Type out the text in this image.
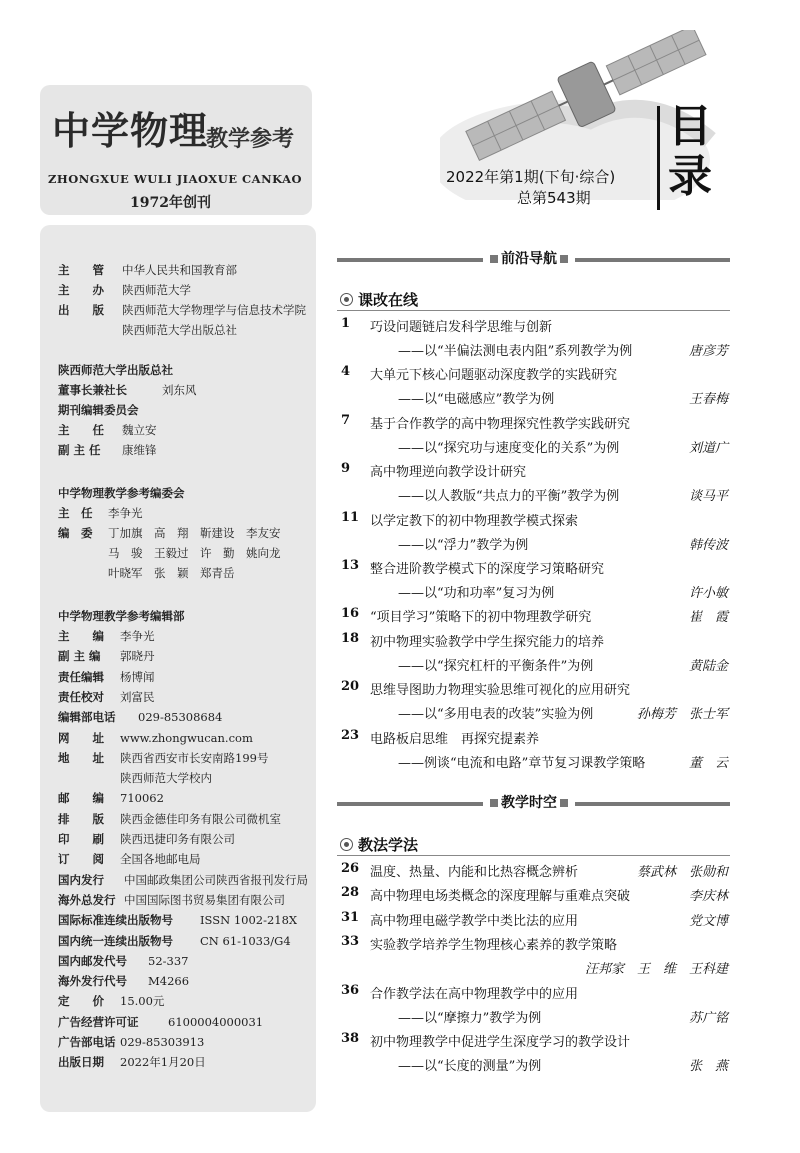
中学物理
教学参考
ZHONGXUE WULI JIAOXUE CANKAO
1972年创刊
2022年第1期(下旬·综合)
总第543期
目录
主　　管 中华人民共和国教育部
主　　办 陕西师范大学
出　　版 陕西师范大学物理学与信息技术学院
陕西师范大学出版总社
陕西师范大学出版总社
董事长兼社长	刘东风
期刊编辑委员会
主　　任 魏立安
副 主 任 康维锋
中学物理教学参考编委会
主　任 李争光
编　委 丁加旗　高　翔　靳建设　李友安
马　骏　王毅过　许　勤　姚向龙
叶晓军　张　颖　郑青岳
中学物理教学参考编辑部
主　　编 李争光
副 主 编 郭晓丹
责任编辑 杨博闻
责任校对 刘富民
编辑部电话 029-85308684
网　　址 www.zhongwucan.com
地　　址 陕西省西安市长安南路199号
陕西师范大学校内
邮　　编 710062
排　　版 陕西金德佳印务有限公司微机室
印　　刷 陕西迅捷印务有限公司
订　　阅 全国各地邮电局
国内发行 中国邮政集团公司陕西省报刊发行局
海外总发行 中国国际图书贸易集团有限公司
国际标准连续出版物号 ISSN 1002-218X
国内统一连续出版物号 CN 61-1033/G4
国内邮发代号 52-337
海外发行代号 M4266
定　　价 15.00元
广告经营许可证	6100004000031
广告部电话 029-85303913
出版日期 2022年1月20日
前沿导航
课改在线
1 巧设问题链启发科学思维与创新
——以“半偏法测电表内阻”系列教学为例	唐彦芳
4 大单元下核心问题驱动深度教学的实践研究
——以“电磁感应”教学为例	王春梅
7 基于合作教学的高中物理探究性教学实践研究
——以“探究功与速度变化的关系”为例	刘道广
9 高中物理逆向教学设计研究
——以人教版“共点力的平衡”教学为例	谈马平
11 以学定教下的初中物理教学模式探索
——以“浮力”教学为例	韩传波
13 整合进阶教学模式下的深度学习策略研究
——以“功和功率”复习为例	许小敏
16 “项目学习”策略下的初中物理教学研究	崔　霞
18 初中物理实验教学中学生探究能力的培养
——以“探究杠杆的平衡条件”为例	黄陆金
20 思维导图助力物理实验思维可视化的应用研究
——以“多用电表的改装”实验为例	孙梅芳　张士军
23 电路板启思维　再探究提素养
——例谈“电流和电路”章节复习课教学策略	董　云
教学时空
教法学法
26 温度、热量、内能和比热容概念辨析	蔡武林　张勋和
28 高中物理电场类概念的深度理解与重难点突破	李庆林
31 高中物理电磁学教学中类比法的应用	党文博
33 实验教学培养学生物理核心素养的教学策略
汪邦家　王　维　王科建
36 合作教学法在高中物理教学中的应用
——以“摩擦力”教学为例	苏广铭
38 初中物理教学中促进学生深度学习的教学设计
——以“长度的测量”为例	张　燕
